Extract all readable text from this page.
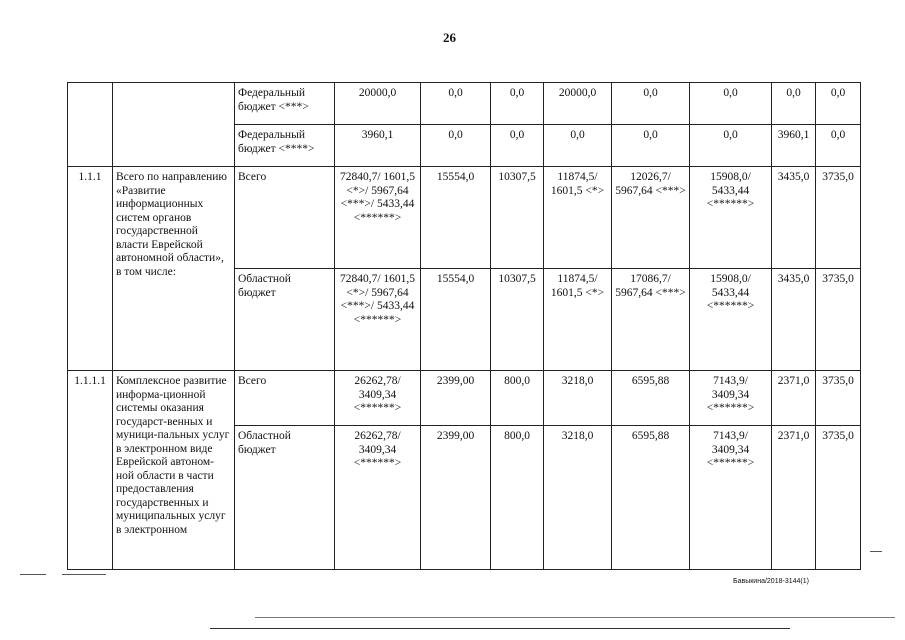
26
		Федеральный бюджет <***>	20000,0	0,0	0,0	20000,0	0,0	0,0	0,0	0,0
		Федеральный бюджет <****>	3960,1	0,0	0,0	0,0	0,0	0,0	3960,1	0,0
1.1.1	Всего по направлению «Развитие информационных систем органов государственной власти Еврейской автономной области», в том числе:	Всего	72840,7/ 1601,5 <*>/ 5967,64 <***>/ 5433,44 <******>	15554,0	10307,5	11874,5/ 1601,5 <*>	12026,7/ 5967,64 <***>	15908,0/ 5433,44 <******>	3435,0	3735,0
		Областной бюджет	72840,7/ 1601,5 <*>/ 5967,64 <***>/ 5433,44 <******>	15554,0	10307,5	11874,5/ 1601,5 <*>	17086,7/ 5967,64 <***>	15908,0/ 5433,44 <******>	3435,0	3735,0
1.1.1.1	Комплексное развитие информа-ционной системы оказания государст-венных и муници-пальных услуг в электронном виде Еврейской автоном-ной области в части предоставления государственных и муниципальных услуг в электронном	Всего	26262,78/ 3409,34 <******>	2399,00	800,0	3218,0	6595,88	7143,9/ 3409,34 <******>	2371,0	3735,0
		Областной бюджет	26262,78/ 3409,34 <******>	2399,00	800,0	3218,0	6595,88	7143,9/ 3409,34 <******>	2371,0	3735,0
Бавыкина/2018-3144(1)
